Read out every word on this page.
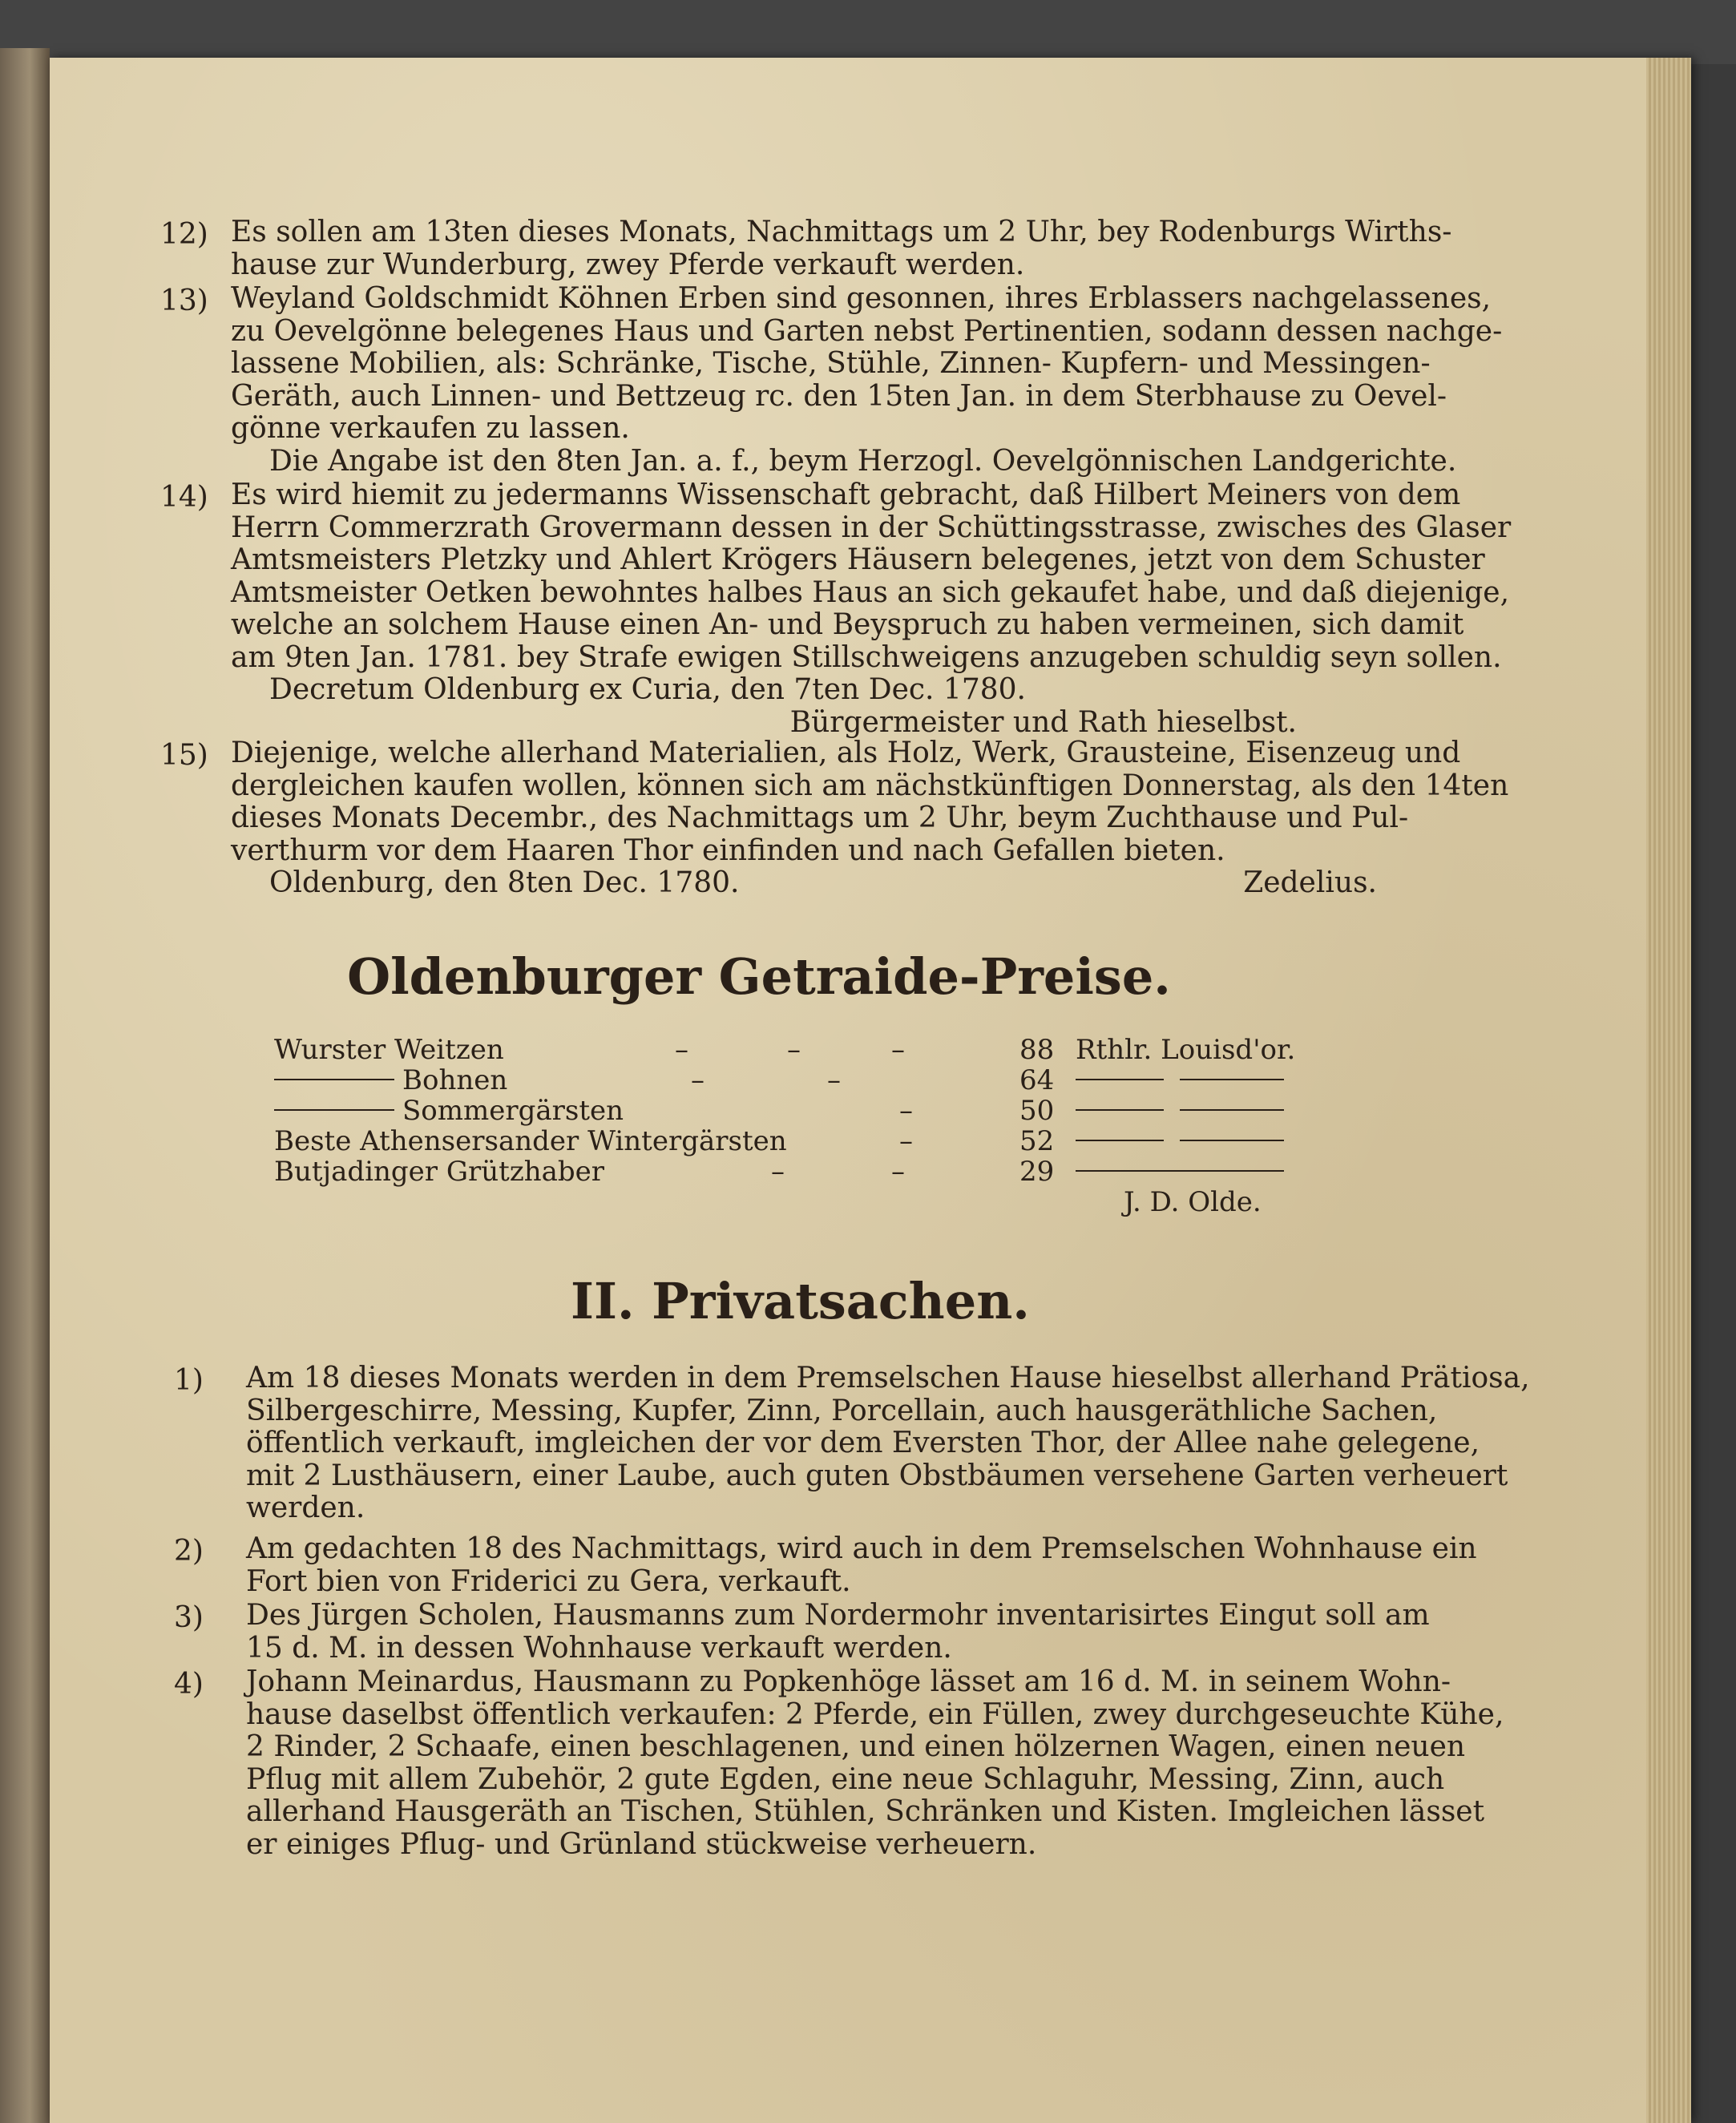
12) Es sollen am 13ten dieses Monats, Nachmittags um 2 Uhr, bey Rodenburgs Wirths-
hause zur Wunderburg, zwey Pferde verkauft werden.
13) Weyland Goldschmidt Köhnen Erben sind gesonnen, ihres Erblassers nachgelassenes,
zu Oevelgönne belegenes Haus und Garten nebst Pertinentien, sodann dessen nachge-
lassene Mobilien, als: Schränke, Tische, Stühle, Zinnen- Kupfern- und Messingen-
Geräth, auch Linnen- und Bettzeug rc. den 15ten Jan. in dem Sterbhause zu Oevel-
gönne verkaufen zu lassen.
Die Angabe ist den 8ten Jan. a. f., beym Herzogl. Oevelgönnischen Landgerichte.
14) Es wird hiemit zu jedermanns Wissenschaft gebracht, daß Hilbert Meiners von dem
Herrn Commerzrath Grovermann dessen in der Schüttingsstrasse, zwisches des Glaser
Amtsmeisters Pletzky und Ahlert Krögers Häusern belegenes, jetzt von dem Schuster
Amtsmeister Oetken bewohntes halbes Haus an sich gekaufet habe, und daß diejenige,
welche an solchem Hause einen An- und Beyspruch zu haben vermeinen, sich damit
am 9ten Jan. 1781. bey Strafe ewigen Stillschweigens anzugeben schuldig seyn sollen.
Decretum Oldenburg ex Curia, den 7ten Dec. 1780.
Bürgermeister und Rath hieselbst.
15) Diejenige, welche allerhand Materialien, als Holz, Werk, Grausteine, Eisenzeug und
dergleichen kaufen wollen, können sich am nächstkünftigen Donnerstag, als den 14ten
dieses Monats Decembr., des Nachmittags um 2 Uhr, beym Zuchthause und Pul-
verthurm vor dem Haaren Thor einfinden und nach Gefallen bieten.
Oldenburg, den 8ten Dec. 1780.	Zedelius.
Oldenburger Getraide-Preise.
Wurster Weitzen	–	–	–	88 Rthlr. Louisd'or.
Bohnen	–	–	64
Sommergärsten	–	50
Beste Athensersander Wintergärsten	–	52
Butjadinger Grützhaber	–	–	29
J. D. Olde.
II. Privatsachen.
1) Am 18 dieses Monats werden in dem Premselschen Hause hieselbst allerhand Prätiosa,
Silbergeschirre, Messing, Kupfer, Zinn, Porcellain, auch hausgeräthliche Sachen,
öffentlich verkauft, imgleichen der vor dem Eversten Thor, der Allee nahe gelegene,
mit 2 Lusthäusern, einer Laube, auch guten Obstbäumen versehene Garten verheuert
werden.
2) Am gedachten 18 des Nachmittags, wird auch in dem Premselschen Wohnhause ein
Fort bien von Friderici zu Gera, verkauft.
3) Des Jürgen Scholen, Hausmanns zum Nordermohr inventarisirtes Eingut soll am
15 d. M. in dessen Wohnhause verkauft werden.
4) Johann Meinardus, Hausmann zu Popkenhöge lässet am 16 d. M. in seinem Wohn-
hause daselbst öffentlich verkaufen: 2 Pferde, ein Füllen, zwey durchgeseuchte Kühe,
2 Rinder, 2 Schaafe, einen beschlagenen, und einen hölzernen Wagen, einen neuen
Pflug mit allem Zubehör, 2 gute Egden, eine neue Schlaguhr, Messing, Zinn, auch
allerhand Hausgeräth an Tischen, Stühlen, Schränken und Kisten. Imgleichen lässet
er einiges Pflug- und Grünland stückweise verheuern.
